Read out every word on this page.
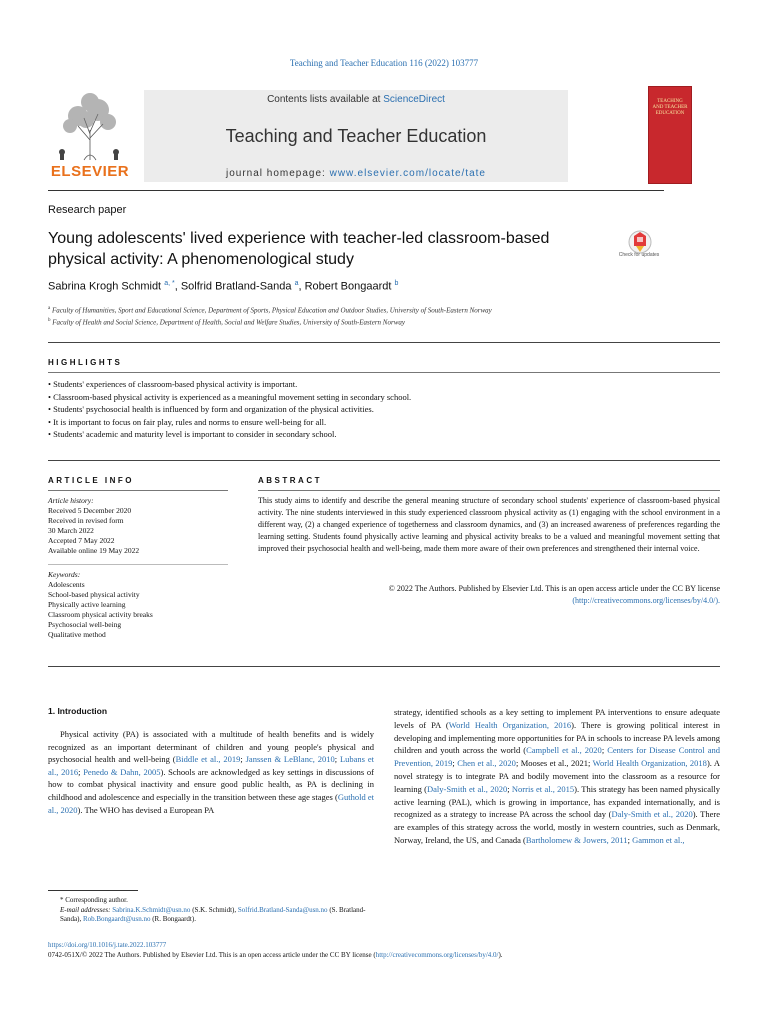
Teaching and Teacher Education 116 (2022) 103777
ELSEVIER
Contents lists available at ScienceDirect
Teaching and Teacher Education
journal homepage: www.elsevier.com/locate/tate
TEACHING
AND TEACHER
EDUCATION
Research paper
Young adolescents' lived experience with teacher-led classroom-based physical activity: A phenomenological study	Check for updates
Sabrina Krogh Schmidt $^{a, *}$, Solfrid Bratland-Sanda $^a$, Robert Bongaardt $^b$
$^a$ Faculty of Humanities, Sport and Educational Science, Department of Sports, Physical Education and Outdoor Studies, University of South-Eastern Norway
$^b$ Faculty of Health and Social Science, Department of Health, Social and Welfare Studies, University of South-Eastern Norway
HIGHLIGHTS
• Students' experiences of classroom-based physical activity is important.
• Classroom-based physical activity is experienced as a meaningful movement setting in secondary school.
• Students' psychosocial health is influenced by form and organization of the physical activities.
• It is important to focus on fair play, rules and norms to ensure well-being for all.
• Students' academic and maturity level is important to consider in secondary school.
ARTICLE INFO	ABSTRACT
Article history:
Received 5 December 2020
Received in revised form
30 March 2022
Accepted 7 May 2022
Available online 19 May 2022
Keywords:
Adolescents
School-based physical activity
Physically active learning
Classroom physical activity breaks
Psychosocial well-being
Qualitative method
This study aims to identify and describe the general meaning structure of secondary school students' experience of classroom-based physical activity. The nine students interviewed in this study experienced classroom physical activity as (1) engaging with the school environment in a different way, (2) a changed experience of togetherness and classroom dynamics, and (3) an increased awareness of preferences regarding the learning setting. Students found physically active learning and physical activity breaks to be a valued and meaningful movement setting that improved their psychosocial health and well-being, made them more aware of their own preferences and strengthened their internal voice.
© 2022 The Authors. Published by Elsevier Ltd. This is an open access article under the CC BY license
(http://creativecommons.org/licenses/by/4.0/).
1. Introduction
Physical activity (PA) is associated with a multitude of health benefits and is widely recognized as an important determinant of children and young people's physical and psychosocial health and well-being (Biddle et al., 2019; Janssen & LeBlanc, 2010; Lubans et al., 2016; Penedo & Dahn, 2005). Schools are acknowledged as key settings in discussions of how to combat physical inactivity and ensure good public health, as PA is declining in childhood and adolescence and especially in the transition between these age stages (Guthold et al., 2020). The WHO has devised a European PA
strategy, identified schools as a key setting to implement PA interventions to ensure adequate levels of PA (World Health Organization, 2016). There is growing political interest in developing and implementing more opportunities for PA in schools to increase PA levels among children and youth across the world (Campbell et al., 2020; Centers for Disease Control and Prevention, 2019; Chen et al., 2020; Mooses et al., 2021; World Health Organization, 2018). A novel strategy is to integrate PA and bodily movement into the classroom as a resource for learning (Daly-Smith et al., 2020; Norris et al., 2015). This strategy has been named physically active learning (PAL), which is growing in importance, has expanded internationally, and is recognized as a strategy to increase PA across the school day (Daly-Smith et al., 2020). There are examples of this strategy across the world, mostly in western countries, such as Denmark, Norway, Ireland, the US, and Canada (Bartholomew & Jowers, 2011; Gammon et al.,
* Corresponding author.
E-mail addresses: Sabrina.K.Schmidt@usn.no (S.K. Schmidt), Solfrid.Bratland-Sanda@usn.no (S. Bratland-Sanda), Rob.Bongaardt@usn.no (R. Bongaardt).
https://doi.org/10.1016/j.tate.2022.103777
0742-051X/© 2022 The Authors. Published by Elsevier Ltd. This is an open access article under the CC BY license (http://creativecommons.org/licenses/by/4.0/).
